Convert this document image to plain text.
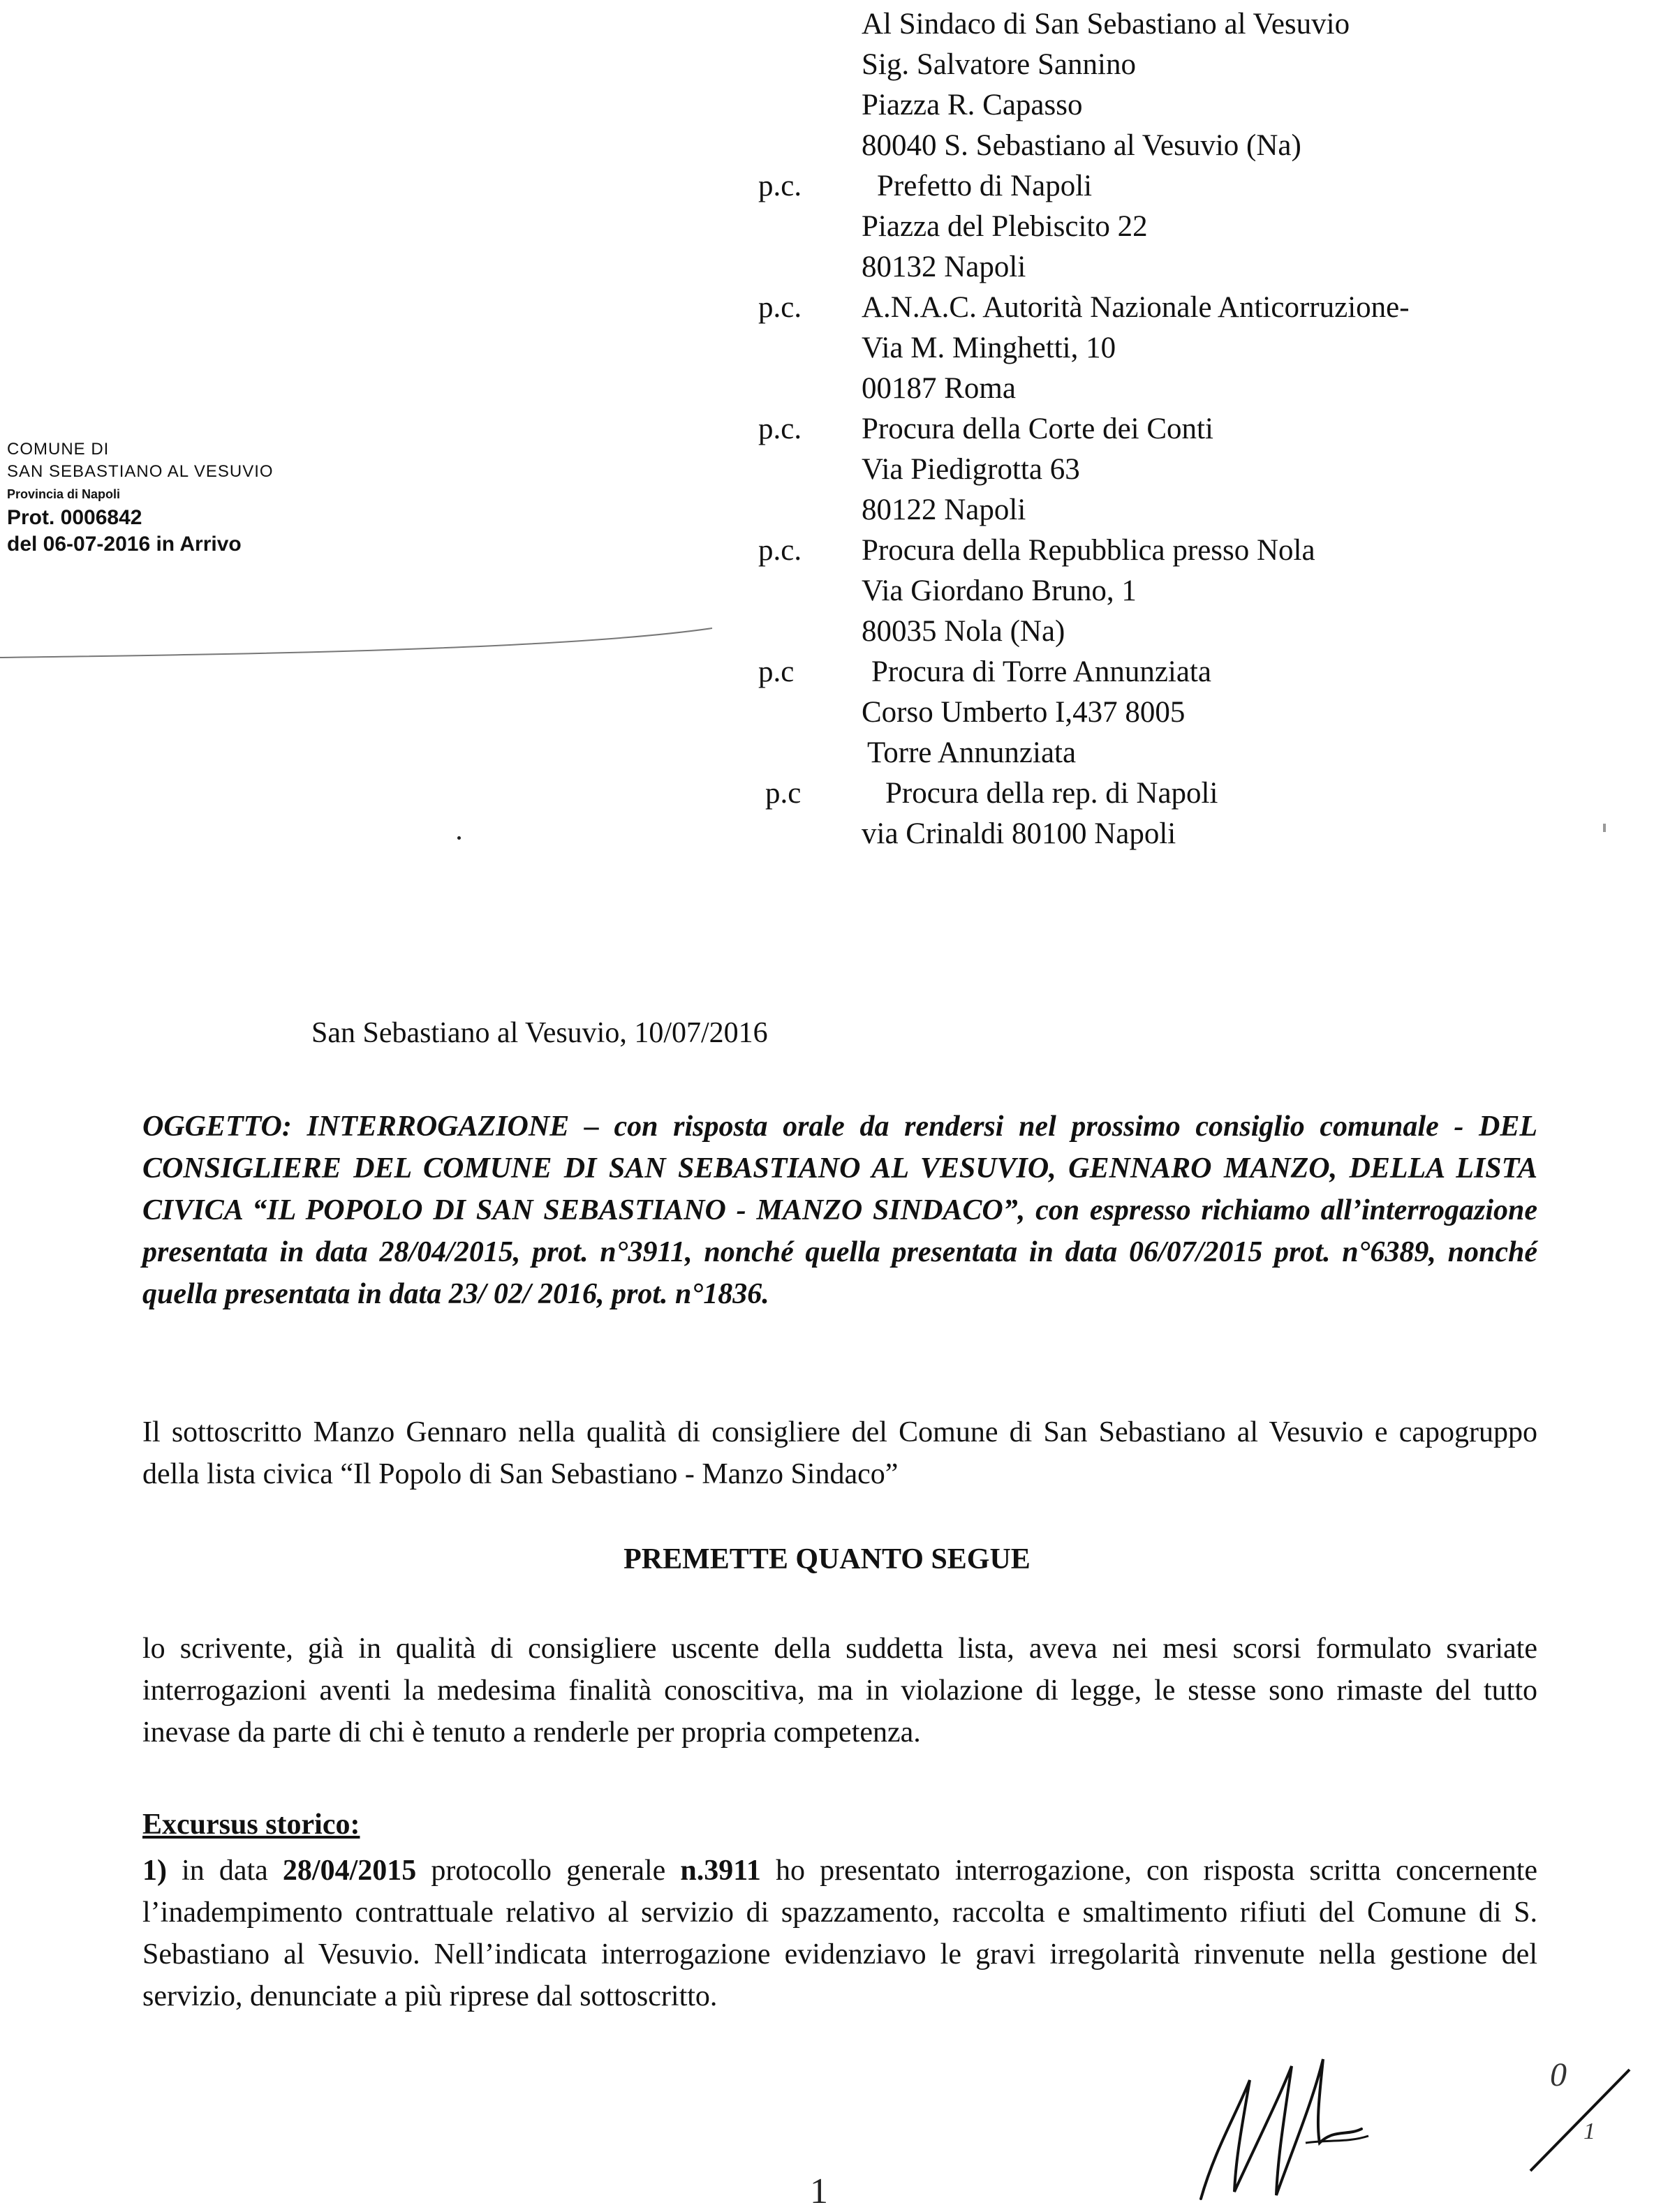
Al Sindaco di San Sebastiano al Vesuvio
Sig. Salvatore Sannino
Piazza R. Capasso
80040 S. Sebastiano al Vesuvio (Na)
p.c.	Prefetto di Napoli
Piazza del Plebiscito 22
80132 Napoli
p.c. A.N.A.C. Autorità Nazionale Anticorruzione-
Via M. Minghetti, 10
00187 Roma
p.c. Procura della Corte dei Conti
Via Piedigrotta 63
80122 Napoli
p.c. Procura della Repubblica presso Nola
Via Giordano Bruno, 1
80035 Nola (Na)
p.c	Procura di Torre Annunziata
Corso Umberto I,437 8005
Torre Annunziata
p.c	Procura della rep. di Napoli
via Crinaldi 80100 Napoli
COMUNE DI
SAN SEBASTIANO AL VESUVIO
Provincia di Napoli
Prot. 0006842
del 06-07-2016 in Arrivo
San Sebastiano al Vesuvio, 10/07/2016
OGGETTO: INTERROGAZIONE – con risposta orale da rendersi nel prossimo consiglio comunale - DEL CONSIGLIERE DEL COMUNE DI SAN SEBASTIANO AL VESUVIO, GENNARO MANZO, DELLA LISTA CIVICA “IL POPOLO DI SAN SEBASTIANO - MANZO SINDACO”, con espresso richiamo all’interrogazione presentata in data 28/04/2015, prot. n°3911, nonché quella presentata in data 06/07/2015 prot. n°6389, nonché quella presentata in data 23/ 02/ 2016, prot. n°1836.
Il sottoscritto Manzo Gennaro nella qualità di consigliere del Comune di San Sebastiano al Vesuvio e capogruppo della lista civica “Il Popolo di San Sebastiano - Manzo Sindaco”
PREMETTE QUANTO SEGUE
lo scrivente, già in qualità di consigliere uscente della suddetta lista, aveva nei mesi scorsi formulato svariate interrogazioni aventi la medesima finalità conoscitiva, ma in violazione di legge, le stesse sono rimaste del tutto inevase da parte di chi è tenuto a renderle per propria competenza.
Excursus storico:
1) in data 28/04/2015 protocollo generale n.3911 ho presentato interrogazione, con risposta scritta concernente l’inadempimento contrattuale relativo al servizio di spazzamento, raccolta e smaltimento rifiuti del Comune di S. Sebastiano al Vesuvio. Nell’indicata interrogazione evidenziavo le gravi irregolarità rinvenute nella gestione del servizio, denunciate a più riprese dal sottoscritto.
0
1
1
